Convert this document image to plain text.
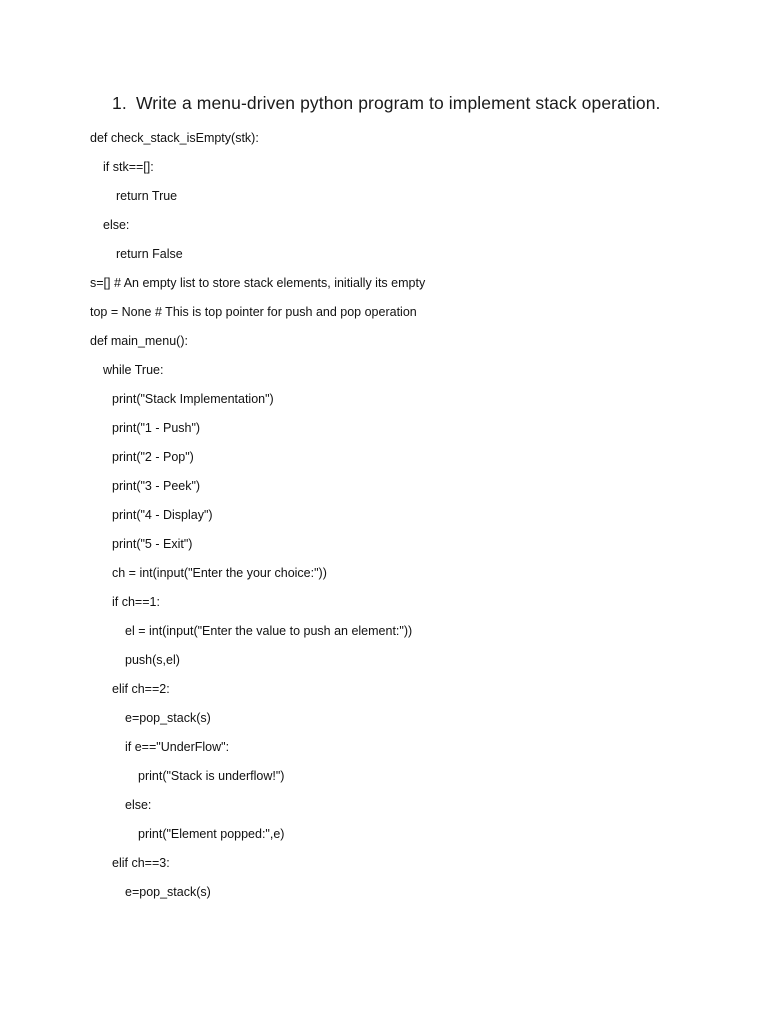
1. Write a menu-driven python program to implement stack operation.
def check_stack_isEmpty(stk):
if stk==[]:
return True
else:
return False
s=[] # An empty list to store stack elements, initially its empty
top = None # This is top pointer for push and pop operation
def main_menu():
while True:
print("Stack Implementation")
print("1 - Push")
print("2 - Pop")
print("3 - Peek")
print("4 - Display")
print("5 - Exit")
ch = int(input("Enter the your choice:"))
if ch==1:
el = int(input("Enter the value to push an element:"))
push(s,el)
elif ch==2:
e=pop_stack(s)
if e=="UnderFlow":
print("Stack is underflow!")
else:
print("Element popped:",e)
elif ch==3:
e=pop_stack(s)
